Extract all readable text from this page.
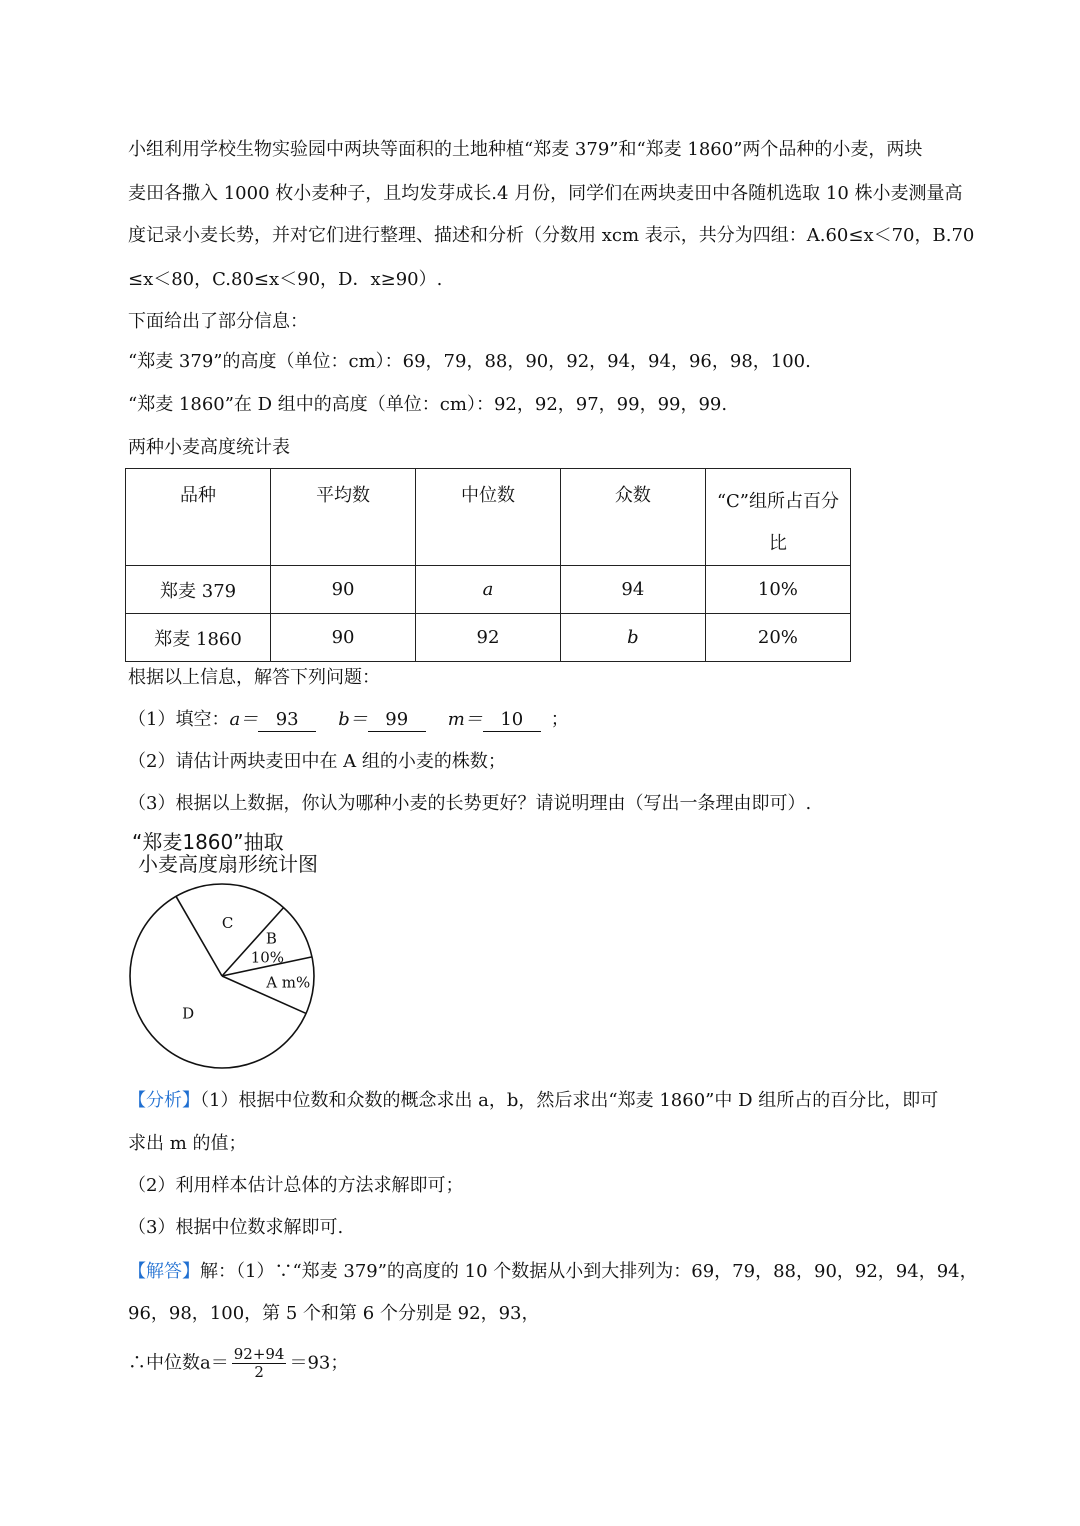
小组利用学校生物实验园中两块等面积的土地种植“郑麦 379”和“郑麦 1860”两个品种的小麦，两块
麦田各撒入 1000 枚小麦种子，且均发芽成长.4 月份，同学们在两块麦田中各随机选取 10 株小麦测量高
度记录小麦长势，并对它们进行整理、描述和分析（分数用 xcm 表示，共分为四组：A.60≤x＜70，B.70
≤x＜80，C.80≤x＜90，D．x≥90）.
下面给出了部分信息：
“郑麦 379”的高度（单位：cm）：69，79，88，90，92，94，94，96，98，100.
“郑麦 1860”在 D 组中的高度（单位：cm）：92，92，97，99，99，99.
两种小麦高度统计表
品种	平均数	中位数	众数	“C”组所占百分
比

郑麦 379	90	a	94	10%
郑麦 1860	90	92	b	20%
根据以上信息，解答下列问题：
（1）填空：a＝ 93 b＝ 99 m＝ 10 ；
（2）请估计两块麦田中在 A 组的小麦的株数；
（3）根据以上数据，你认为哪种小麦的长势更好？请说明理由（写出一条理由即可）.
“郑麦1860”抽取
小麦高度扇形统计图
A m%
B 10%
C
D
【分析】（1）根据中位数和众数的概念求出 a，b，然后求出“郑麦 1860”中 D 组所占的百分比，即可
求出 m 的值；
（2）利用样本估计总体的方法求解即可；
（3）根据中位数求解即可.
【解答】解：（1）∵“郑麦 379”的高度的 10 个数据从小到大排列为：69，79，88，90，92，94，94，
96，98，100，第 5 个和第 6 个分别是 92，93，
∴中位数$a= \frac{92+94}{2} =93$；
